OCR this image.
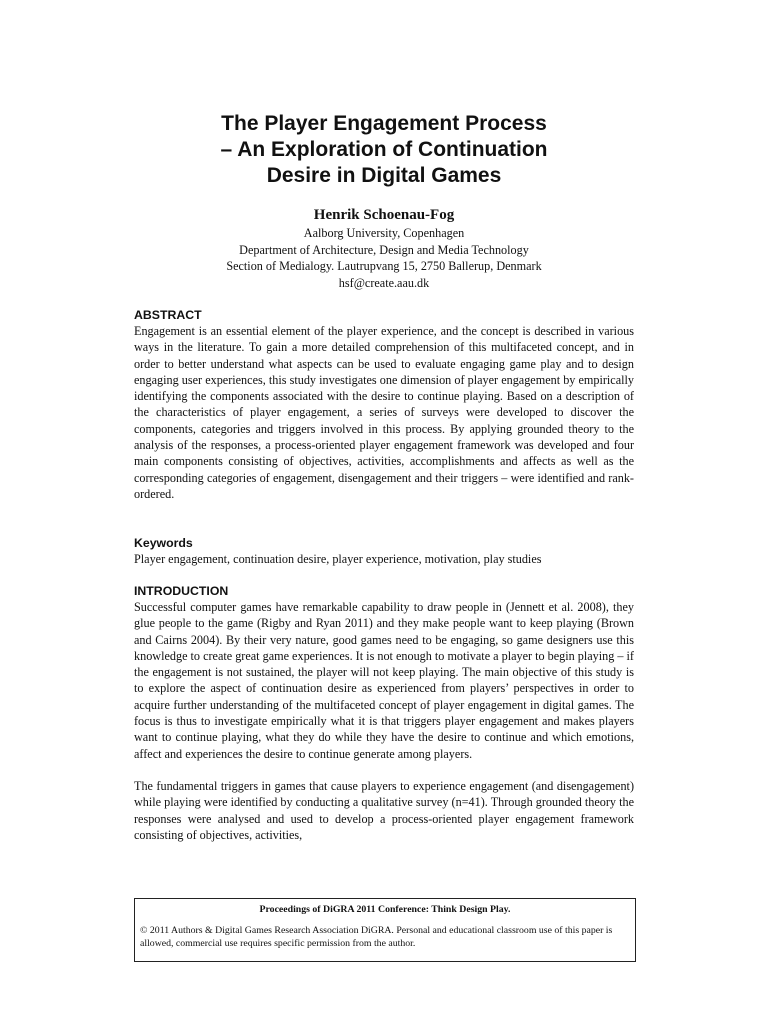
The Player Engagement Process
– An Exploration of Continuation
Desire in Digital Games
Henrik Schoenau-Fog
Aalborg University, Copenhagen
Department of Architecture, Design and Media Technology
Section of Medialogy. Lautrupvang 15, 2750 Ballerup, Denmark
hsf@create.aau.dk

ABSTRACT

Engagement is an essential element of the player experience, and the concept is described in various ways in the literature. To gain a more detailed comprehension of this multifaceted concept, and in order to better understand what aspects can be used to evaluate engaging game play and to design engaging user experiences, this study investigates one dimension of player engagement by empirically identifying the components associated with the desire to continue playing. Based on a description of the characteristics of player engagement, a series of surveys were developed to discover the components, categories and triggers involved in this process. By applying grounded theory to the analysis of the responses, a process-oriented player engagement framework was developed and four main components consisting of objectives, activities, accomplishments and affects as well as the corresponding categories of engagement, disengagement and their triggers – were identified and rank-ordered.

Keywords

Player engagement, continuation desire, player experience, motivation, play studies

INTRODUCTION

Successful computer games have remarkable capability to draw people in (Jennett et al. 2008), they glue people to the game (Rigby and Ryan 2011) and they make people want to keep playing (Brown and Cairns 2004). By their very nature, good games need to be engaging, so game designers use this knowledge to create great game experiences. It is not enough to motivate a player to begin playing – if the engagement is not sustained, the player will not keep playing. The main objective of this study is to explore the aspect of continuation desire as experienced from players’ perspectives in order to acquire further understanding of the multifaceted concept of player engagement in digital games. The focus is thus to investigate empirically what it is that triggers player engagement and makes players want to continue playing, what they do while they have the desire to continue and which emotions, affect and experiences the desire to continue generate among players.

The fundamental triggers in games that cause players to experience engagement (and disengagement) while playing were identified by conducting a qualitative survey (n=41). Through grounded theory the responses were analysed and used to develop a process-oriented player engagement framework consisting of objectives, activities,

Proceedings of DiGRA 2011 Conference: Think Design Play.

© 2011 Authors & Digital Games Research Association DiGRA. Personal and educational classroom use of this paper is allowed, commercial use requires specific permission from the author.
